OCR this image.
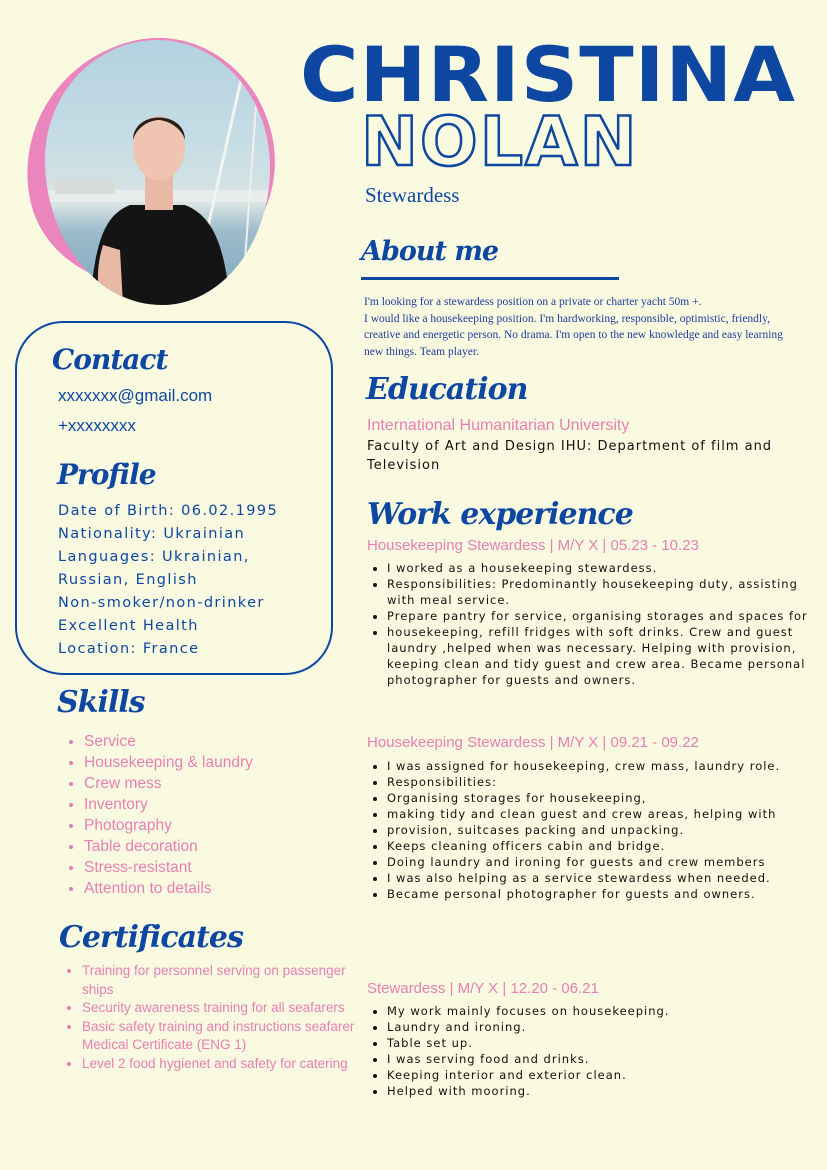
CHRISTINA
NOLAN
Stewardess
About me
I'm looking for a stewardess position on a private or charter yacht 50m +.
I would like a housekeeping position. I'm hardworking, responsible, optimistic, friendly, creative and energetic person. No drama. I'm open to the new knowledge and easy learning new things. Team player.
Contact
xxxxxxx@gmail.com
+xxxxxxxx
Profile
Date of Birth: 06.02.1995
Nationality: Ukrainian
Languages: Ukrainian,
Russian, English
Non-smoker/non-drinker
Excellent Health
Location: France
Skills
• Service
• Housekeeping & laundry
• Crew mess
• Inventory
• Photography
• Table decoration
• Stress-resistant
• Attention to details
Certificates
• Training for personnel serving on passenger ships
• Security awareness training for all seafarers
• Basic safety training and instructions seafarer Medical Certificate (ENG 1)
• Level 2 food hygienet and safety for catering
Education
International Humanitarian University
Faculty of Art and Design IHU: Department of film and Television
Work experience
Housekeeping Stewardess | M/Y X | 05.23 - 10.23
• I worked as a housekeeping stewardess.
• Responsibilities: Predominantly housekeeping duty, assisting with meal service.
• Prepare pantry for service, organising storages and spaces for
• housekeeping, refill fridges with soft drinks. Crew and guest laundry ,helped when was necessary. Helping with provision, keeping clean and tidy guest and crew area. Became personal photographer for guests and owners.
Housekeeping Stewardess | M/Y X | 09.21 - 09.22
• I was assigned for housekeeping, crew mass, laundry role.
• Responsibilities:
• Organising storages for housekeeping,
• making tidy and clean guest and crew areas, helping with
• provision, suitcases packing and unpacking.
• Keeps cleaning officers cabin and bridge.
• Doing laundry and ironing for guests and crew members
• I was also helping as a service stewardess when needed.
• Became personal photographer for guests and owners.
Stewardess | M/Y X | 12.20 - 06.21
• My work mainly focuses on housekeeping.
• Laundry and ironing.
• Table set up.
• I was serving food and drinks.
• Keeping interior and exterior clean.
• Helped with mooring.
